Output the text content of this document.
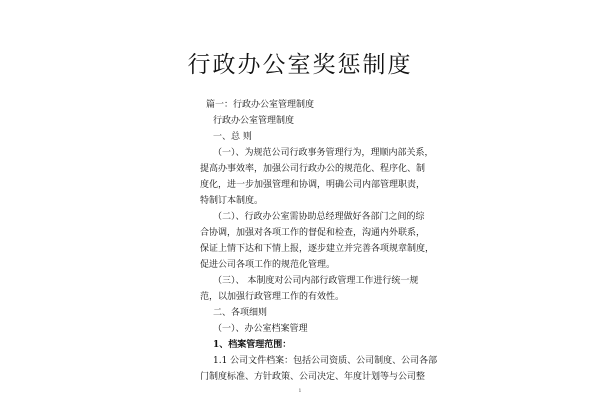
行政办公室奖惩制度
篇一：行政办公室管理制度
行政办公室管理制度
一、总 则
（一）、为规范公司行政事务管理行为，理顺内部关系，
提高办事效率，加强公司行政办公的规范化、程序化、制
度化，进一步加强管理和协调，明确公司内部管理职责，
特制订本制度。
（二）、行政办公室需协助总经理做好各部门之间的综
合协调，加强对各项工作的督促和检查，沟通内外联系，
保证上情下达和下情上报，逐步建立并完善各项规章制度，
促进公司各项工作的规范化管理。
（三）、 本制度对公司内部行政管理工作进行统一规
范，以加强行政管理工作的有效性。
二、各项细则
（一）、办公室档案管理
1、档案管理范围：
1.1 公司文件档案：包括公司资质、公司制度、公司各部
门制度标准、方针政策、公司决定、年度计划等与公司整
1
